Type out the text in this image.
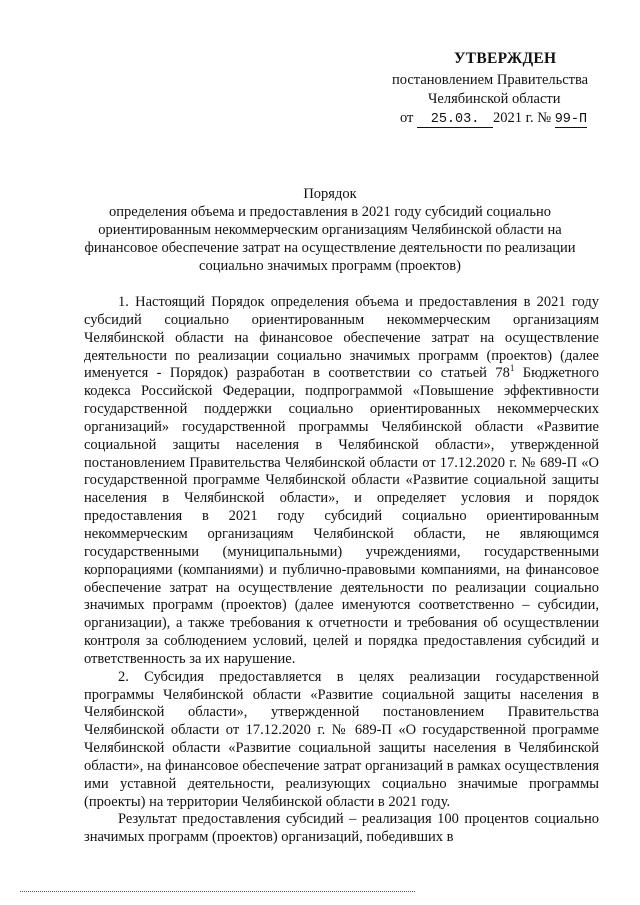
УТВЕРЖДЕН
постановлением Правительства
Челябинской области
от 25.03. 2021 г. № 99-П
Порядок
определения объема и предоставления в 2021 году субсидий социально ориентированным некоммерческим организациям Челябинской области на финансовое обеспечение затрат на осуществление деятельности по реализации социально значимых программ (проектов)

1. Настоящий Порядок определения объема и предоставления в 2021 году субсидий социально ориентированным некоммерческим организациям Челябинской области на финансовое обеспечение затрат на осуществление деятельности по реализации социально значимых программ (проектов) (далее именуется - Порядок) разработан в соответствии со статьей $78^1$ Бюджетного кодекса Российской Федерации, подпрограммой «Повышение эффективности государственной поддержки социально ориентированных некоммерческих организаций» государственной программы Челябинской области «Развитие социальной защиты населения в Челябинской области», утвержденной постановлением Правительства Челябинской области от 17.12.2020 г. № 689-П «О государственной программе Челябинской области «Развитие социальной защиты населения в Челябинской области», и определяет условия и порядок предоставления в 2021 году субсидий социально ориентированным некоммерческим организациям Челябинской области, не являющимся государственными (муниципальными) учреждениями, государственными корпорациями (компаниями) и публично-правовыми компаниями, на финансовое обеспечение затрат на осуществление деятельности по реализации социально значимых программ (проектов) (далее именуются соответственно – субсидии, организации), а также требования к отчетности и требования об осуществлении контроля за соблюдением условий, целей и порядка предоставления субсидий и ответственность за их нарушение.

2. Субсидия предоставляется в целях реализации государственной программы Челябинской области «Развитие социальной защиты населения в Челябинской области», утвержденной постановлением Правительства Челябинской области от 17.12.2020 г. № 689-П «О государственной программе Челябинской области «Развитие социальной защиты населения в Челябинской области», на финансовое обеспечение затрат организаций в рамках осуществления ими уставной деятельности, реализующих социально значимые программы (проекты) на территории Челябинской области в 2021 году.

Результат предоставления субсидий – реализация 100 процентов социально значимых программ (проектов) организаций, победивших в
